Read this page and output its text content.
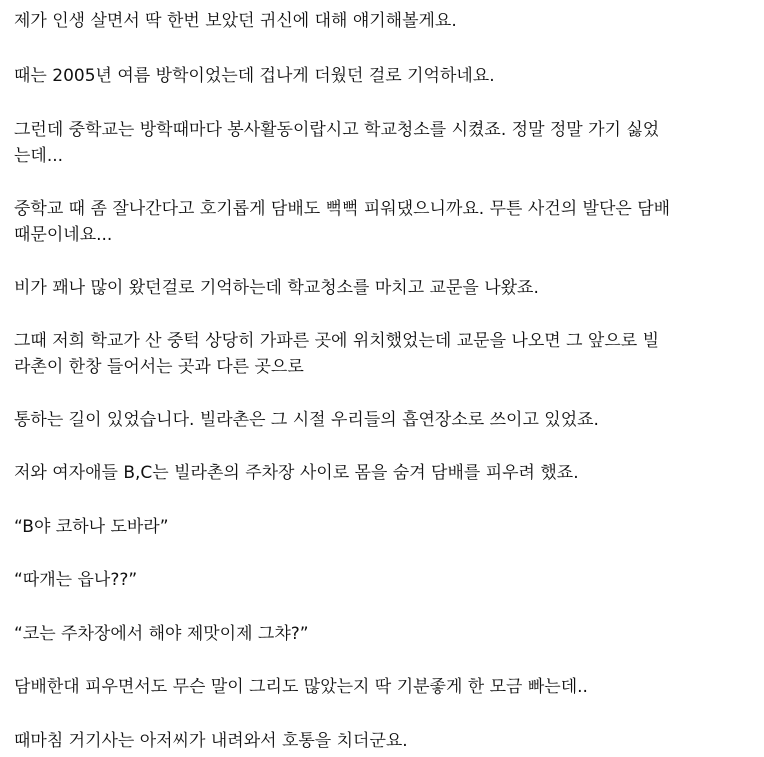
제가 인생 살면서 딱 한번 보았던 귀신에 대해 얘기해볼게요.
때는 2005년 여름 방학이었는데 겁나게 더웠던 걸로 기억하네요.
그런데 중학교는 방학때마다 봉사활동이랍시고 학교청소를 시켰죠. 정말 정말 가기 싫었
는데...
중학교 때 좀 잘나간다고 호기롭게 담배도 뻑뻑 피워댔으니까요. 무튼 사건의 발단은 담배
때문이네요...
비가 꽤나 많이 왔던걸로 기억하는데 학교청소를 마치고 교문을 나왔죠.
그때 저희 학교가 산 중턱 상당히 가파른 곳에 위치했었는데 교문을 나오면 그 앞으로 빌
라촌이 한창 들어서는 곳과 다른 곳으로
통하는 길이 있었습니다. 빌라촌은 그 시절 우리들의 흡연장소로 쓰이고 있었죠.
저와 여자애들 B,C는 빌라촌의 주차장 사이로 몸을 숨겨 담배를 피우려 했죠.
“B야 코하나 도바라”
“따개는 읍나??”
“코는 주차장에서 해야 제맛이제 그챠?”
담배한대 피우면서도 무슨 말이 그리도 많았는지 딱 기분좋게 한 모금 빠는데..
때마침 거기사는 아저씨가 내려와서 호통을 치더군요.
